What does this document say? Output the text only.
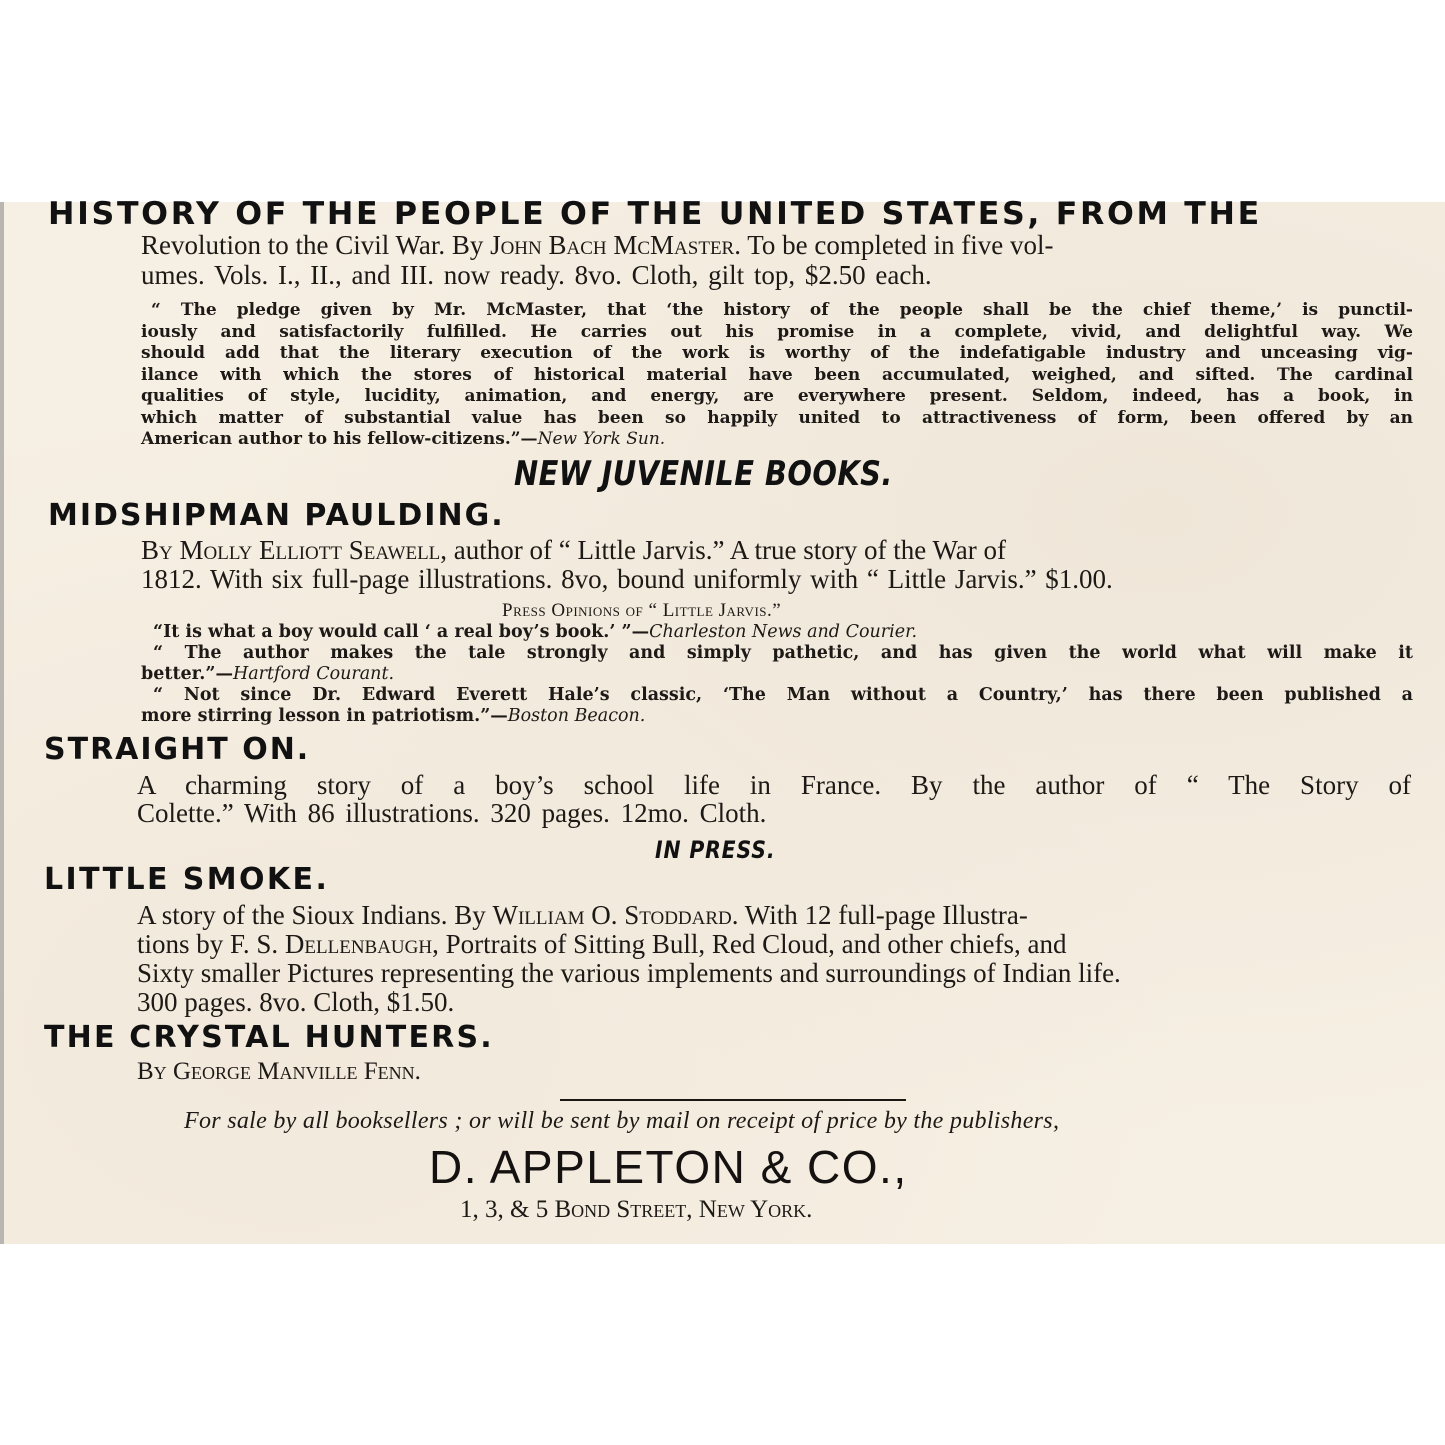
HISTORY OF THE PEOPLE OF THE UNITED STATES, FROM THE
Revolution to the Civil War. By John Bach McMaster. To be completed in five vol-
umes. Vols. I., II., and III. now ready. 8vo. Cloth, gilt top, $2.50 each.
“ The pledge given by Mr. McMaster, that ‘the history of the people shall be the chief theme,’ is punctil-
iously and satisfactorily fulfilled. He carries out his promise in a complete, vivid, and delightful way. We
should add that the literary execution of the work is worthy of the indefatigable industry and unceasing vig-
ilance with which the stores of historical material have been accumulated, weighed, and sifted. The cardinal
qualities of style, lucidity, animation, and energy, are everywhere present. Seldom, indeed, has a book, in
which matter of substantial value has been so happily united to attractiveness of form, been offered by an
American author to his fellow-citizens.”—New York Sun.
NEW JUVENILE BOOKS.
MIDSHIPMAN PAULDING.
By Molly Elliott Seawell, author of “ Little Jarvis.” A true story of the War of
1812. With six full-page illustrations. 8vo, bound uniformly with “ Little Jarvis.” $1.00.
Press Opinions of “ Little Jarvis.”
“It is what a boy would call ‘ a real boy’s book.’ ”—Charleston News and Courier.
“ The author makes the tale strongly and simply pathetic, and has given the world what will make it
better.”—Hartford Courant.
“ Not since Dr. Edward Everett Hale’s classic, ‘The Man without a Country,’ has there been published a
more stirring lesson in patriotism.”—Boston Beacon.
STRAIGHT ON.
A charming story of a boy’s school life in France. By the author of “ The Story of
Colette.” With 86 illustrations. 320 pages. 12mo. Cloth.
IN PRESS.
LITTLE SMOKE.
A story of the Sioux Indians. By William O. Stoddard. With 12 full-page Illustra-
tions by F. S. Dellenbaugh, Portraits of Sitting Bull, Red Cloud, and other chiefs, and
Sixty smaller Pictures representing the various implements and surroundings of Indian life.
300 pages. 8vo. Cloth, $1.50.
THE CRYSTAL HUNTERS.
By George Manville Fenn.
For sale by all booksellers ; or will be sent by mail on receipt of price by the publishers,
D. APPLETON & CO.,
1, 3, & 5 Bond Street, New York.
